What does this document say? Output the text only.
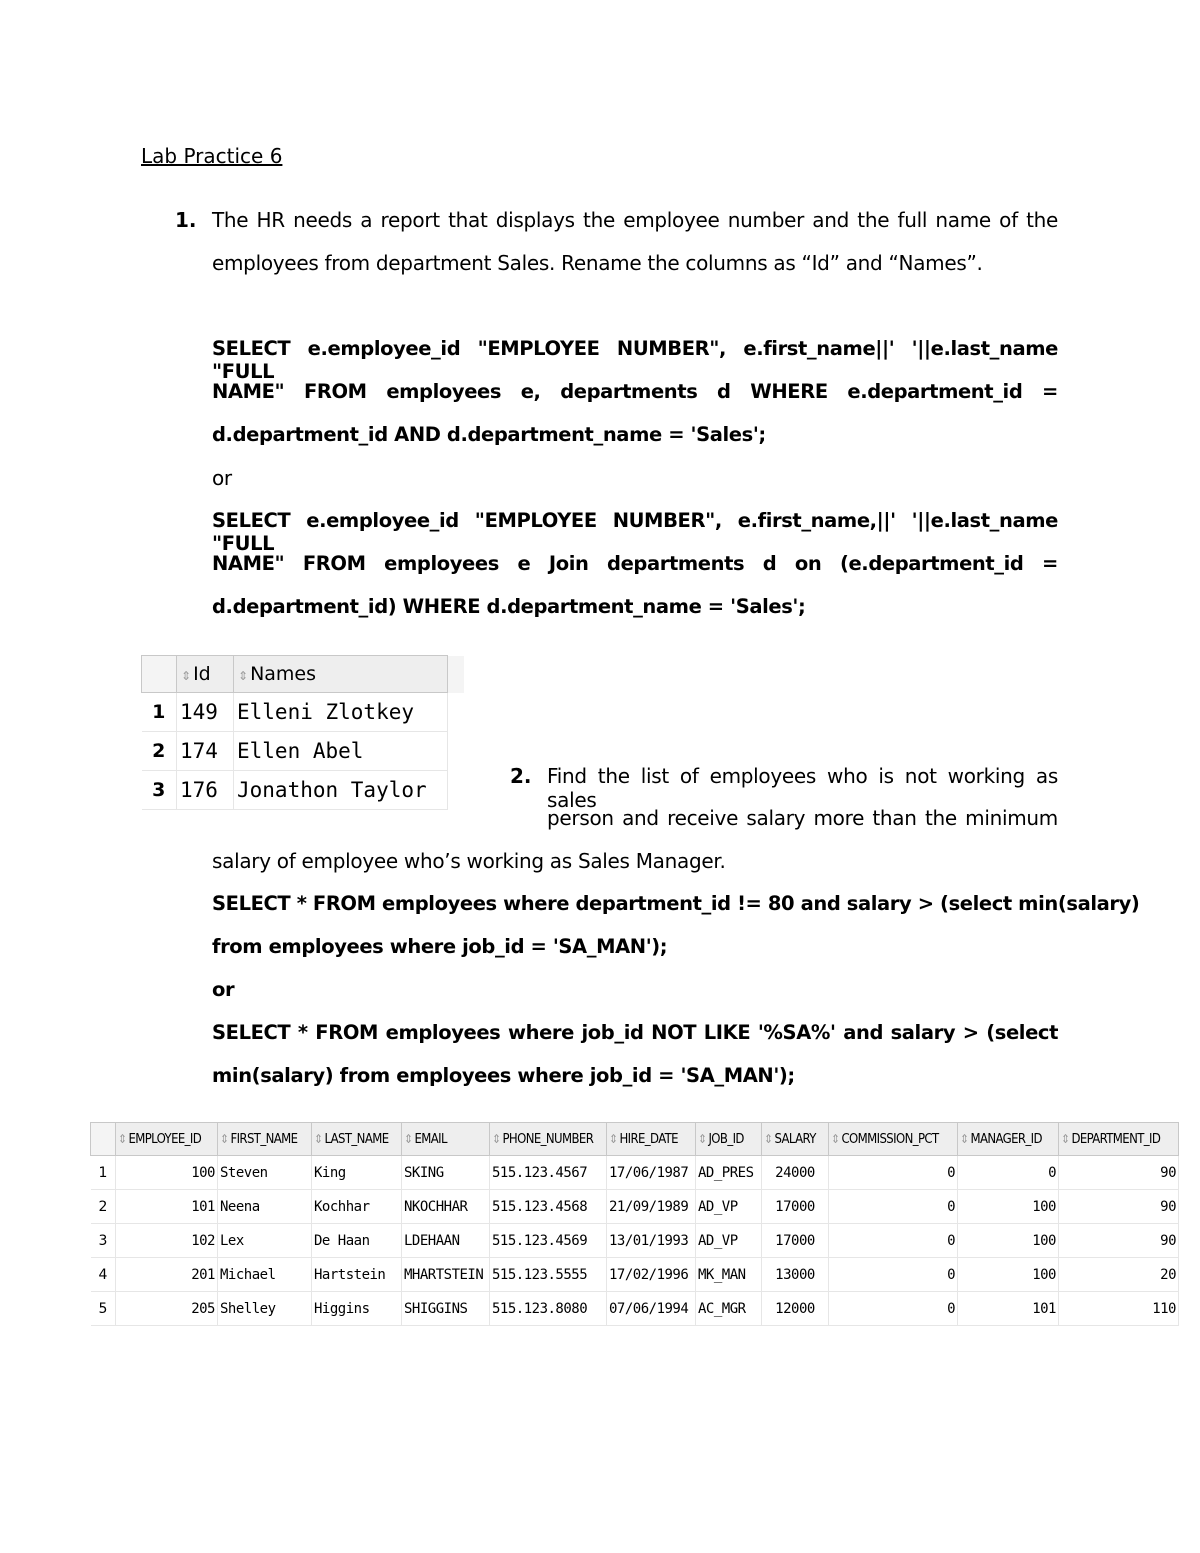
Lab Practice 6
1. The HR needs a report that displays the employee number and the full name of the
employees from department Sales. Rename the columns as “Id” and “Names”.
SELECT e.employee_id "EMPLOYEE NUMBER", e.first_name||' '||e.last_name "FULL
NAME" FROM employees e, departments d WHERE e.department_id =
d.department_id AND d.department_name = 'Sales';
or
SELECT e.employee_id "EMPLOYEE NUMBER", e.first_name,||' '||e.last_name "FULL
NAME" FROM employees e Join departments d on (e.department_id =
d.department_id) WHERE d.department_name = 'Sales';
	⇕ Id	⇕ Names	
1	149	Elleni Zlotkey	
2	174	Ellen Abel	
3	176	Jonathon Taylor	
2. Find the list of employees who is not working as sales
person and receive salary more than the minimum
salary of employee who’s working as Sales Manager.
SELECT * FROM employees where department_id != 80 and salary > (select min(salary)
from employees where job_id = 'SA_MAN');
or
SELECT * FROM employees where job_id NOT LIKE '%SA%' and salary > (select
min(salary) from employees where job_id = 'SA_MAN');
	⇕ EMPLOYEE_ID	⇕ FIRST_NAME	⇕ LAST_NAME	⇕ EMAIL	⇕ PHONE_NUMBER	⇕ HIRE_DATE	⇕ JOB_ID	⇕ SALARY	⇕ COMMISSION_PCT	⇕ MANAGER_ID	⇕ DEPARTMENT_ID
1	100	Steven	King	SKING	515.123.4567	17/06/1987	AD_PRES	24000	0	0	90
2	101	Neena	Kochhar	NKOCHHAR	515.123.4568	21/09/1989	AD_VP	17000	0	100	90
3	102	Lex	De Haan	LDEHAAN	515.123.4569	13/01/1993	AD_VP	17000	0	100	90
4	201	Michael	Hartstein	MHARTSTEIN	515.123.5555	17/02/1996	MK_MAN	13000	0	100	20
5	205	Shelley	Higgins	SHIGGINS	515.123.8080	07/06/1994	AC_MGR	12000	0	101	110
